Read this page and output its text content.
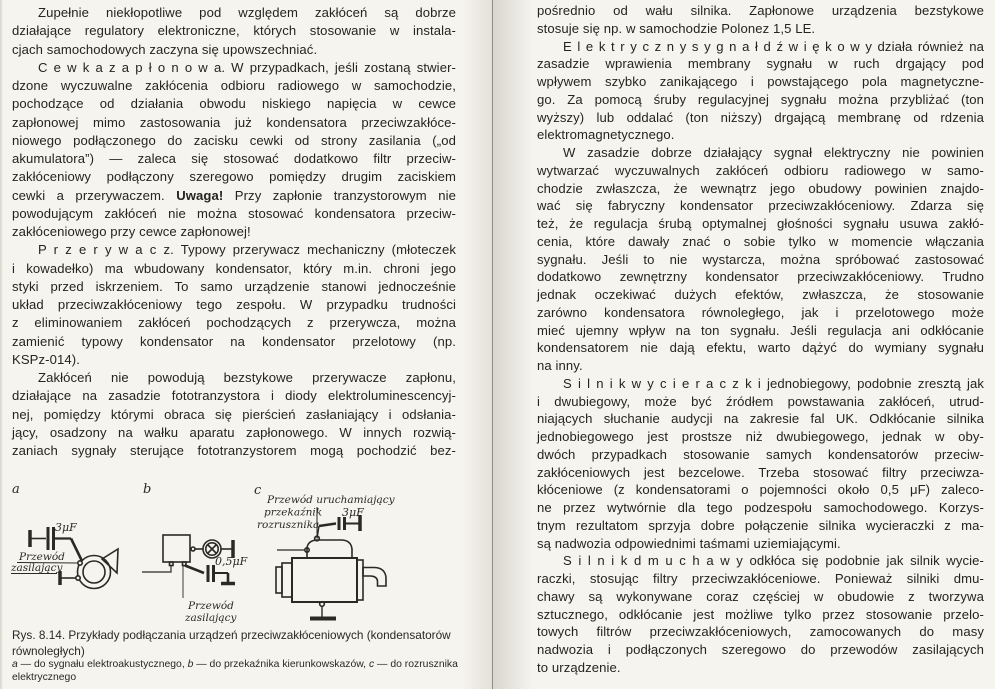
Zupełnie niekłopotliwe pod względem zakłóceń są dobrze
działające regulatory elektroniczne, których stosowanie w instala-
cjach samochodowych zaczyna się upowszechniać.
C e w k a z a p ł o n o w a. W przypadkach, jeśli zostaną stwier-
dzone wyczuwalne zakłócenia odbioru radiowego w samochodzie,
pochodzące od działania obwodu niskiego napięcia w cewce
zapłonowej mimo zastosowania już kondensatora przeciwzakłóce-
niowego podłączonego do zacisku cewki od strony zasilania („od
akumulatora”) — zaleca się stosować dodatkowo filtr przeciw-
zakłóceniowy podłączony szeregowo pomiędzy drugim zaciskiem
cewki a przerywaczem. Uwaga! Przy zapłonie tranzystorowym nie
powodującym zakłóceń nie można stosować kondensatora przeciw-
zakłóceniowego przy cewce zapłonowej!
P r z e r y w a c z. Typowy przerywacz mechaniczny (młoteczek
i kowadełko) ma wbudowany kondensator, który m.in. chroni jego
styki przed iskrzeniem. To samo urządzenie stanowi jednocześnie
układ przeciwzakłóceniowy tego zespołu. W przypadku trudności
z eliminowaniem zakłóceń pochodzących z przerywcza, można
zamienić typowy kondensator na kondensator przelotowy (np.
KSPz-014).
Zakłóceń nie powodują bezstykowe przerywacze zapłonu,
działające na zasadzie fototranzystora i diody elektroluminescencyj-
nej, pomiędzy którymi obraca się pierścień zasłaniający i odsłania-
jący, osadzony na wałku aparatu zapłonowego. W innych rozwią-
zaniach sygnały sterujące fototranzystorem mogą pochodzić bez-
pośrednio od wału silnika. Zapłonowe urządzenia bezstykowe
stosuje się np. w samochodzie Polonez 1,5 LE.
E l e k t r y c z n y s y g n a ł d ź w i ę k o w y działa również na
zasadzie wprawienia membrany sygnału w ruch drgający pod
wpływem szybko zanikającego i powstającego pola magnetyczne-
go. Za pomocą śruby regulacyjnej sygnału można przybliżać (ton
wyższy) lub oddalać (ton niższy) drgającą membranę od rdzenia
elektromagnetycznego.
W zasadzie dobrze działający sygnał elektryczny nie powinien
wytwarzać wyczuwalnych zakłóceń odbioru radiowego w samo-
chodzie zwłaszcza, że wewnątrz jego obudowy powinien znajdo-
wać się fabryczny kondensator przeciwzakłóceniowy. Zdarza się
też, że regulacja śrubą optymalnej głośności sygnału usuwa zakłó-
cenia, które dawały znać o sobie tylko w momencie włączania
sygnału. Jeśli to nie wystarcza, można spróbować zastosować
dodatkowo zewnętrzny kondensator przeciwzakłóceniowy. Trudno
jednak oczekiwać dużych efektów, zwłaszcza, że stosowanie
zarówno kondensatora równoległego, jak i przelotowego może
mieć ujemny wpływ na ton sygnału. Jeśli regulacja ani odkłócanie
kondensatorem nie dają efektu, warto dążyć do wymiany sygnału
na inny.
S i l n i k w y c i e r a c z k i jednobiegowy, podobnie zresztą jak
i dwubiegowy, może być źródłem powstawania zakłóceń, utrud-
niających słuchanie audycji na zakresie fal UK. Odkłócanie silnika
jednobiegowego jest prostsze niż dwubiegowego, jednak w oby-
dwóch przypadkach stosowanie samych kondensatorów przeciw-
zakłóceniowych jest bezcelowe. Trzeba stosować filtry przeciwza-
kłóceniowe (z kondensatorami o pojemności około 0,5 μF) zaleco-
ne przez wytwórnie dla tego podzespołu samochodowego. Korzys-
tnym rezultatom sprzyja dobre połączenie silnika wycieraczki z ma-
są nadwozia odpowiednimi taśmami uziemiającymi.
S i l n i k d m u c h a w y odkłóca się podobnie jak silnik wycie-
raczki, stosując filtry przeciwzakłóceniowe. Ponieważ silniki dmu-
chawy są wykonywane coraz częściej w obudowie z tworzywa
sztucznego, odkłócanie jest możliwe tylko przez stosowanie przelo-
towych filtrów przeciwzakłóceniowych, zamocowanych do masy
nadwozia i podłączonych szeregowo do przewodów zasilających
to urządzenie.
a
3μF
Przewód
zasilający
b
0,5μF
Przewód
zasilający
c
Przewód uruchamiający
przekaźnik
rozrusznika
3μF
Rys. 8.14. Przykłady podłączania urządzeń przeciwzakłóceniowych (kondensatorów
równoległych)
a — do sygnału elektroakustycznego, b — do przekaźnika kierunkowskazów, c — do rozrusznika
elektrycznego
